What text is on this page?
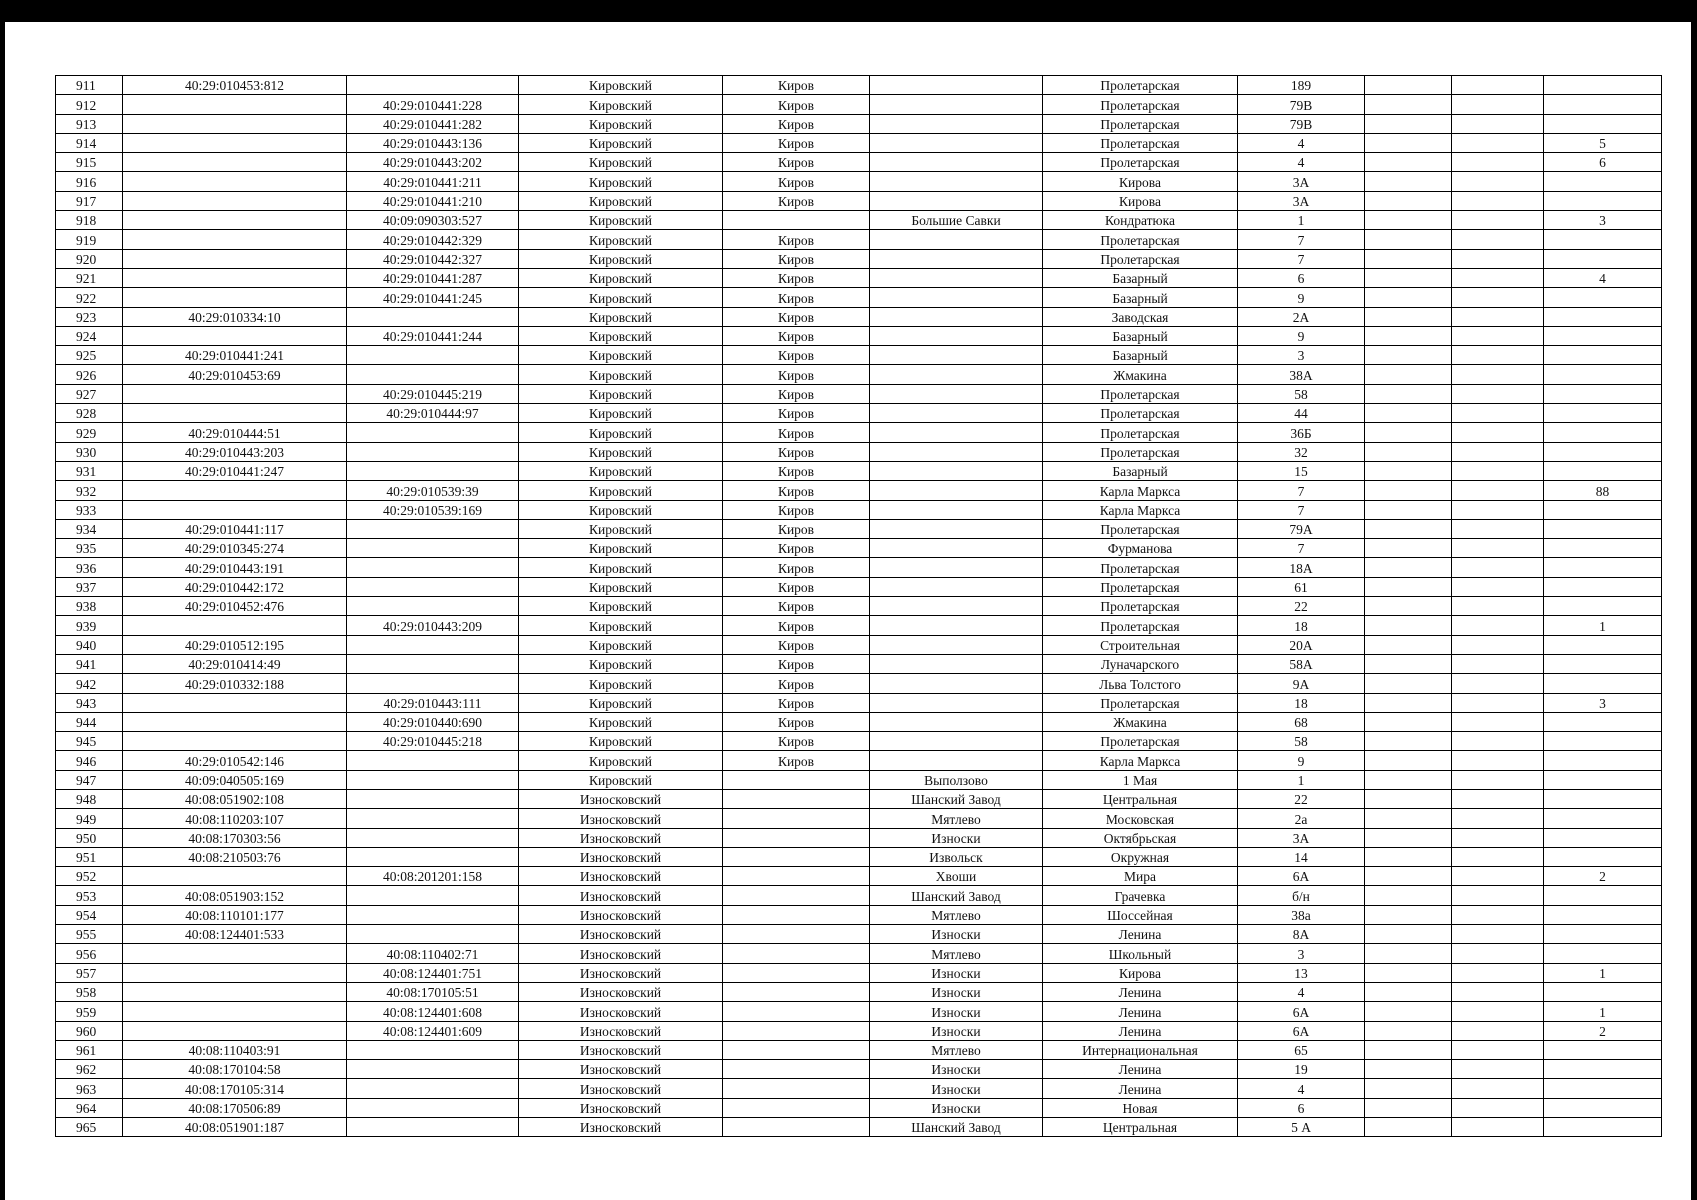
911	40:29:010453:812		Кировский	Киров		Пролетарская	189			
912		40:29:010441:228	Кировский	Киров		Пролетарская	79В			
913		40:29:010441:282	Кировский	Киров		Пролетарская	79В			
914		40:29:010443:136	Кировский	Киров		Пролетарская	4			5
915		40:29:010443:202	Кировский	Киров		Пролетарская	4			6
916		40:29:010441:211	Кировский	Киров		Кирова	3А			
917		40:29:010441:210	Кировский	Киров		Кирова	3А			
918		40:09:090303:527	Кировский		Большие Савки	Кондратюка	1			3
919		40:29:010442:329	Кировский	Киров		Пролетарская	7			
920		40:29:010442:327	Кировский	Киров		Пролетарская	7			
921		40:29:010441:287	Кировский	Киров		Базарный	6			4
922		40:29:010441:245	Кировский	Киров		Базарный	9			
923	40:29:010334:10		Кировский	Киров		Заводская	2А			
924		40:29:010441:244	Кировский	Киров		Базарный	9			
925	40:29:010441:241		Кировский	Киров		Базарный	3			
926	40:29:010453:69		Кировский	Киров		Жмакина	38А			
927		40:29:010445:219	Кировский	Киров		Пролетарская	58			
928		40:29:010444:97	Кировский	Киров		Пролетарская	44			
929	40:29:010444:51		Кировский	Киров		Пролетарская	36Б			
930	40:29:010443:203		Кировский	Киров		Пролетарская	32			
931	40:29:010441:247		Кировский	Киров		Базарный	15			
932		40:29:010539:39	Кировский	Киров		Карла Маркса	7			88
933		40:29:010539:169	Кировский	Киров		Карла Маркса	7			
934	40:29:010441:117		Кировский	Киров		Пролетарская	79А			
935	40:29:010345:274		Кировский	Киров		Фурманова	7			
936	40:29:010443:191		Кировский	Киров		Пролетарская	18А			
937	40:29:010442:172		Кировский	Киров		Пролетарская	61			
938	40:29:010452:476		Кировский	Киров		Пролетарская	22			
939		40:29:010443:209	Кировский	Киров		Пролетарская	18			1
940	40:29:010512:195		Кировский	Киров		Строительная	20А			
941	40:29:010414:49		Кировский	Киров		Луначарского	58А			
942	40:29:010332:188		Кировский	Киров		Льва Толстого	9А			
943		40:29:010443:111	Кировский	Киров		Пролетарская	18			3
944		40:29:010440:690	Кировский	Киров		Жмакина	68			
945		40:29:010445:218	Кировский	Киров		Пролетарская	58			
946	40:29:010542:146		Кировский	Киров		Карла Маркса	9			
947	40:09:040505:169		Кировский		Выползово	1 Мая	1			
948	40:08:051902:108		Износковский		Шанский Завод	Центральная	22			
949	40:08:110203:107		Износковский		Мятлево	Московская	2а			
950	40:08:170303:56		Износковский		Износки	Октябрьская	3А			
951	40:08:210503:76		Износковский		Извольск	Окружная	14			
952		40:08:201201:158	Износковский		Хвоши	Мира	6А			2
953	40:08:051903:152		Износковский		Шанский Завод	Грачевка	б/н			
954	40:08:110101:177		Износковский		Мятлево	Шоссейная	38а			
955	40:08:124401:533		Износковский		Износки	Ленина	8А			
956		40:08:110402:71	Износковский		Мятлево	Школьный	3			
957		40:08:124401:751	Износковский		Износки	Кирова	13			1
958		40:08:170105:51	Износковский		Износки	Ленина	4			
959		40:08:124401:608	Износковский		Износки	Ленина	6А			1
960		40:08:124401:609	Износковский		Износки	Ленина	6А			2
961	40:08:110403:91		Износковский		Мятлево	Интернациональная	65			
962	40:08:170104:58		Износковский		Износки	Ленина	19			
963	40:08:170105:314		Износковский		Износки	Ленина	4			
964	40:08:170506:89		Износковский		Износки	Новая	6			
965	40:08:051901:187		Износковский		Шанский Завод	Центральная	5 А			
